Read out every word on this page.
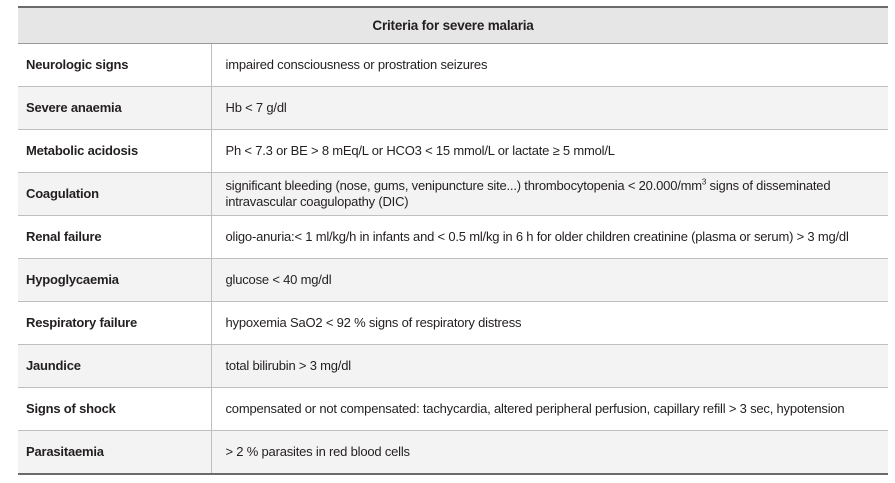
Criteria for severe malaria	
Neurologic signs	impaired consciousness or prostration seizures
Severe anaemia	Hb < 7 g/dl
Metabolic acidosis	Ph < 7.3 or BE > 8 mEq/L or HCO3 < 15 mmol/L or lactate ≥ 5 mmol/L
Coagulation	significant bleeding (nose, gums, venipuncture site...) thrombocytopenia < $20.000/mm^3$ signs of disseminated intravascular coagulopathy (DIC)
Renal failure	oligo-anuria:< 1 ml/kg/h in infants and < 0.5 ml/kg in 6 h for older children creatinine (plasma or serum) > 3 mg/dl
Hypoglycaemia	glucose < 40 mg/dl
Respiratory failure	hypoxemia SaO2 < 92 % signs of respiratory distress
Jaundice	total bilirubin > 3 mg/dl
Signs of shock	compensated or not compensated: tachycardia, altered peripheral perfusion, capillary refill > 3 sec, hypotension
Parasitaemia	> 2 % parasites in red blood cells
